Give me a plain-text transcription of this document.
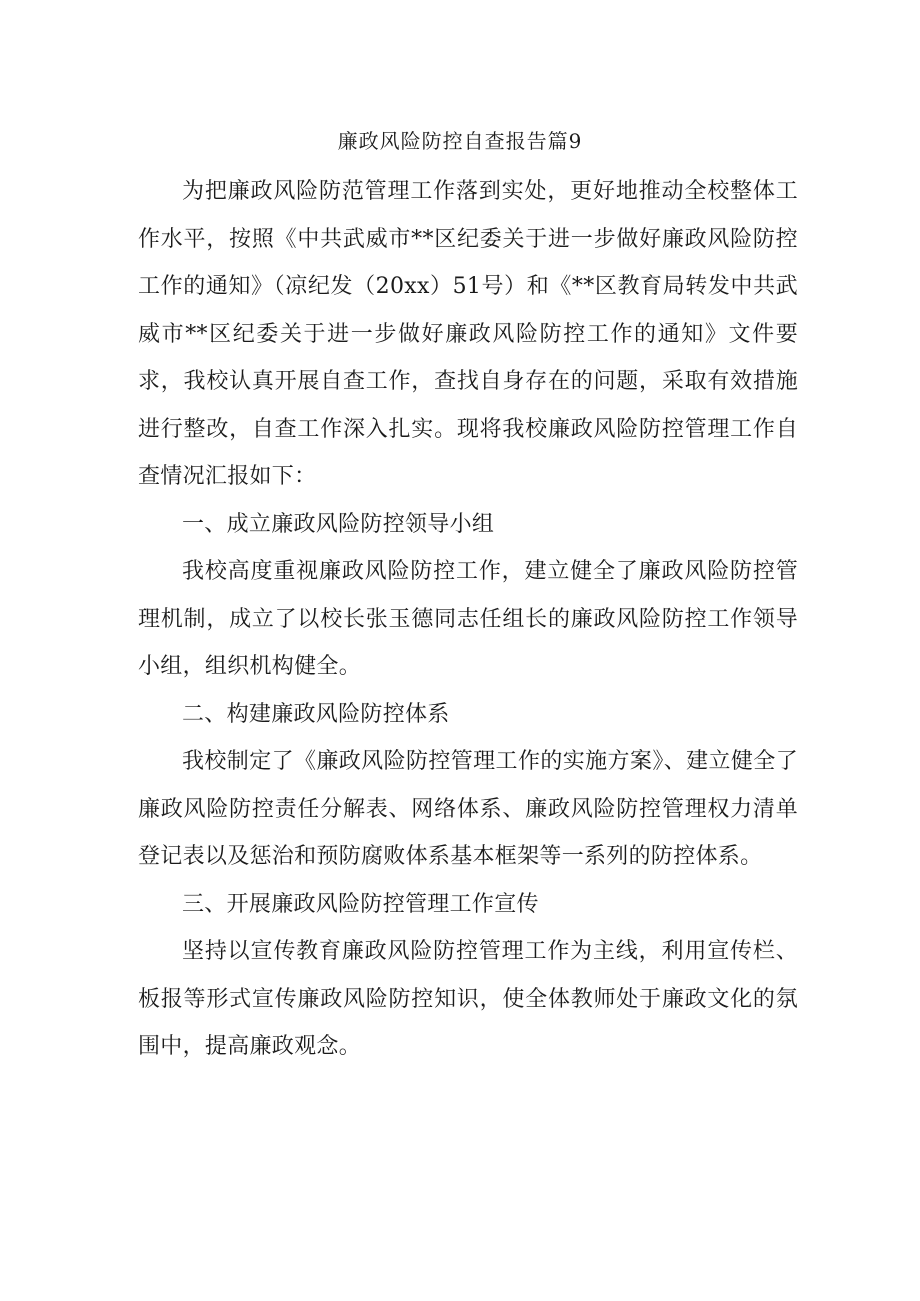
廉政风险防控自查报告篇9

为把廉政风险防范管理工作落到实处，更好地推动全校整体工作水平，按照《中共武威市**区纪委关于进一步做好廉政风险防控工作的通知》（凉纪发（20xx）51号）和《**区教育局转发中共武威市**区纪委关于进一步做好廉政风险防控工作的通知》文件要求，我校认真开展自查工作，查找自身存在的问题，采取有效措施进行整改，自查工作深入扎实。现将我校廉政风险防控管理工作自查情况汇报如下：

一、成立廉政风险防控领导小组

我校高度重视廉政风险防控工作，建立健全了廉政风险防控管理机制，成立了以校长张玉德同志任组长的廉政风险防控工作领导小组，组织机构健全。

二、构建廉政风险防控体系

我校制定了《廉政风险防控管理工作的实施方案》、建立健全了廉政风险防控责任分解表、网络体系、廉政风险防控管理权力清单登记表以及惩治和预防腐败体系基本框架等一系列的防控体系。

三、开展廉政风险防控管理工作宣传

坚持以宣传教育廉政风险防控管理工作为主线，利用宣传栏、板报等形式宣传廉政风险防控知识，使全体教师处于廉政文化的氛围中，提高廉政观念。
